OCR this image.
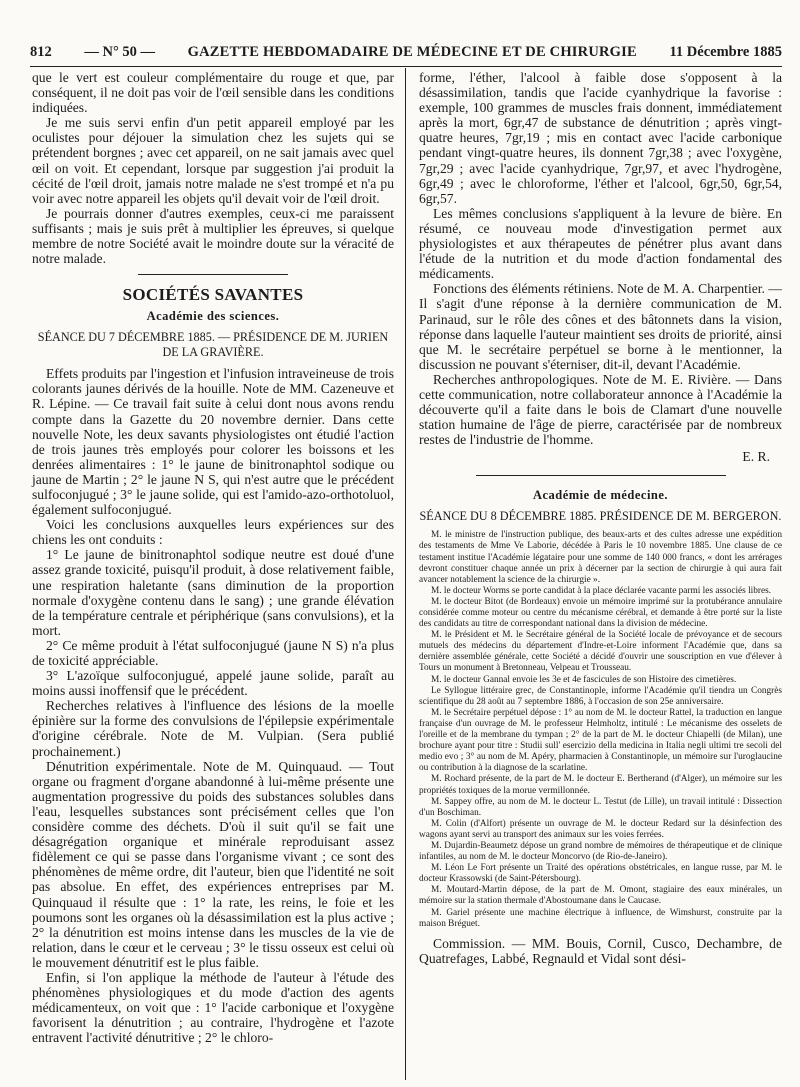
812 — N° 50 — GAZETTE HEBDOMADAIRE DE MÉDECINE ET DE CHIRURGIE 11 Décembre 1885

que le vert est couleur complémentaire du rouge et que, par conséquent, il ne doit pas voir de l'œil sensible dans les conditions indiquées.

Je me suis servi enfin d'un petit appareil employé par les oculistes pour déjouer la simulation chez les sujets qui se prétendent borgnes ; avec cet appareil, on ne sait jamais avec quel œil on voit. Et cependant, lorsque par suggestion j'ai produit la cécité de l'œil droit, jamais notre malade ne s'est trompé et n'a pu voir avec notre appareil les objets qu'il devait voir de l'œil droit.

Je pourrais donner d'autres exemples, ceux-ci me paraissent suffisants ; mais je suis prêt à multiplier les épreuves, si quelque membre de notre Société avait le moindre doute sur la véracité de notre malade.

SOCIÉTÉS SAVANTES
Académie des sciences.
SÉANCE DU 7 DÉCEMBRE 1885. — PRÉSIDENCE DE M. JURIEN DE LA GRAVIÈRE.

Effets produits par l'ingestion et l'infusion intraveineuse de trois colorants jaunes dérivés de la houille. Note de MM. Cazeneuve et R. Lépine. — Ce travail fait suite à celui dont nous avons rendu compte dans la Gazette du 20 novembre dernier. Dans cette nouvelle Note, les deux savants physiologistes ont étudié l'action de trois jaunes très employés pour colorer les boissons et les denrées alimentaires : 1° le jaune de binitronaphtol sodique ou jaune de Martin ; 2° le jaune N S, qui n'est autre que le précédent sulfoconjugué ; 3° le jaune solide, qui est l'amido-azo-orthotoluol, également sulfoconjugué.

Voici les conclusions auxquelles leurs expériences sur des chiens les ont conduits :

1° Le jaune de binitronaphtol sodique neutre est doué d'une assez grande toxicité, puisqu'il produit, à dose relativement faible, une respiration haletante (sans diminution de la proportion normale d'oxygène contenu dans le sang) ; une grande élévation de la température centrale et périphérique (sans convulsions), et la mort.

2° Ce même produit à l'état sulfoconjugué (jaune N S) n'a plus de toxicité appréciable.

3° L'azoïque sulfoconjugué, appelé jaune solide, paraît au moins aussi inoffensif que le précédent.

Recherches relatives à l'influence des lésions de la moelle épinière sur la forme des convulsions de l'épilepsie expérimentale d'origine cérébrale. Note de M. Vulpian. (Sera publié prochainement.)

Dénutrition expérimentale. Note de M. Quinquaud. — Tout organe ou fragment d'organe abandonné à lui-même présente une augmentation progressive du poids des substances solubles dans l'eau, lesquelles substances sont précisément celles que l'on considère comme des déchets. D'où il suit qu'il se fait une désagrégation organique et minérale reproduisant assez fidèlement ce qui se passe dans l'organisme vivant ; ce sont des phénomènes de même ordre, dit l'auteur, bien que l'identité ne soit pas absolue. En effet, des expériences entreprises par M. Quinquaud il résulte que : 1° la rate, les reins, le foie et les poumons sont les organes où la désassimilation est la plus active ; 2° la dénutrition est moins intense dans les muscles de la vie de relation, dans le cœur et le cerveau ; 3° le tissu osseux est celui où le mouvement dénutritif est le plus faible.

Enfin, si l'on applique la méthode de l'auteur à l'étude des phénomènes physiologiques et du mode d'action des agents médicamenteux, on voit que : 1° l'acide carbonique et l'oxygène favorisent la dénutrition ; au contraire, l'hydrogène et l'azote entravent l'activité dénutritive ; 2° le chloro-

forme, l'éther, l'alcool à faible dose s'opposent à la désassimilation, tandis que l'acide cyanhydrique la favorise : exemple, 100 grammes de muscles frais donnent, immédiatement après la mort, 6gr,47 de substance de dénutrition ; après vingt-quatre heures, 7gr,19 ; mis en contact avec l'acide carbonique pendant vingt-quatre heures, ils donnent 7gr,38 ; avec l'oxygène, 7gr,29 ; avec l'acide cyanhydrique, 7gr,97, et avec l'hydrogène, 6gr,49 ; avec le chloroforme, l'éther et l'alcool, 6gr,50, 6gr,54, 6gr,57.

Les mêmes conclusions s'appliquent à la levure de bière. En résumé, ce nouveau mode d'investigation permet aux physiologistes et aux thérapeutes de pénétrer plus avant dans l'étude de la nutrition et du mode d'action fondamental des médicaments.

Fonctions des éléments rétiniens. Note de M. A. Charpentier. — Il s'agit d'une réponse à la dernière communication de M. Parinaud, sur le rôle des cônes et des bâtonnets dans la vision, réponse dans laquelle l'auteur maintient ses droits de priorité, ainsi que M. le secrétaire perpétuel se borne à le mentionner, la discussion ne pouvant s'éterniser, dit-il, devant l'Académie.

Recherches anthropologiques. Note de M. E. Rivière. — Dans cette communication, notre collaborateur annonce à l'Académie la découverte qu'il a faite dans le bois de Clamart d'une nouvelle station humaine de l'âge de pierre, caractérisée par de nombreux restes de l'industrie de l'homme.

E. R.
Académie de médecine.
SÉANCE DU 8 DÉCEMBRE 1885. PRÉSIDENCE DE M. BERGERON.

M. le ministre de l'instruction publique, des beaux-arts et des cultes adresse une expédition des testaments de Mme Ve Laborie, décédée à Paris le 10 novembre 1885. Une clause de ce testament institue l'Académie légataire pour une somme de 140 000 francs, « dont les arrérages devront constituer chaque année un prix à décerner par la section de chirurgie à qui aura fait avancer notablement la science de la chirurgie ».

M. le docteur Worms se porte candidat à la place déclarée vacante parmi les associés libres.

M. le docteur Bitot (de Bordeaux) envoie un mémoire imprimé sur la protubérance annulaire considérée comme moteur ou centre du mécanisme cérébral, et demande à être porté sur la liste des candidats au titre de correspondant national dans la division de médecine.

M. le Président et M. le Secrétaire général de la Société locale de prévoyance et de secours mutuels des médecins du département d'Indre-et-Loire informent l'Académie que, dans sa dernière assemblée générale, cette Société a décidé d'ouvrir une souscription en vue d'élever à Tours un monument à Bretonneau, Velpeau et Trousseau.

M. le docteur Gannal envoie les 3e et 4e fascicules de son Histoire des cimetières.

Le Syllogue littéraire grec, de Constantinople, informe l'Académie qu'il tiendra un Congrès scientifique du 28 août au 7 septembre 1886, à l'occasion de son 25e anniversaire.

M. le Secrétaire perpétuel dépose : 1° au nom de M. le docteur Rattel, la traduction en langue française d'un ouvrage de M. le professeur Helmholtz, intitulé : Le mécanisme des osselets de l'oreille et de la membrane du tympan ; 2° de la part de M. le docteur Chiapelli (de Milan), une brochure ayant pour titre : Studii sull' esercizio della medicina in Italia negli ultimi tre secoli del medio evo ; 3° au nom de M. Apéry, pharmacien à Constantinople, un mémoire sur l'uroglaucine ou contribution à la diagnose de la scarlatine.

M. Rochard présente, de la part de M. le docteur E. Bertherand (d'Alger), un mémoire sur les propriétés toxiques de la morue vermillonnée.

M. Sappey offre, au nom de M. le docteur L. Testut (de Lille), un travail intitulé : Dissection d'un Boschiman.

M. Colin (d'Alfort) présente un ouvrage de M. le docteur Redard sur la désinfection des wagons ayant servi au transport des animaux sur les voies ferrées.

M. Dujardin-Beaumetz dépose un grand nombre de mémoires de thérapeutique et de clinique infantiles, au nom de M. le docteur Moncorvo (de Rio-de-Janeiro).

M. Léon Le Fort présente un Traité des opérations obstétricales, en langue russe, par M. le docteur Krassowski (de Saint-Pétersbourg).

M. Moutard-Martin dépose, de la part de M. Omont, stagiaire des eaux minérales, un mémoire sur la station thermale d'Abostoumane dans le Caucase.

M. Gariel présente une machine électrique à influence, de Wimshurst, construite par la maison Bréguet.

Commission. — MM. Bouis, Cornil, Cusco, Dechambre, de Quatrefages, Labbé, Regnauld et Vidal sont dési-
